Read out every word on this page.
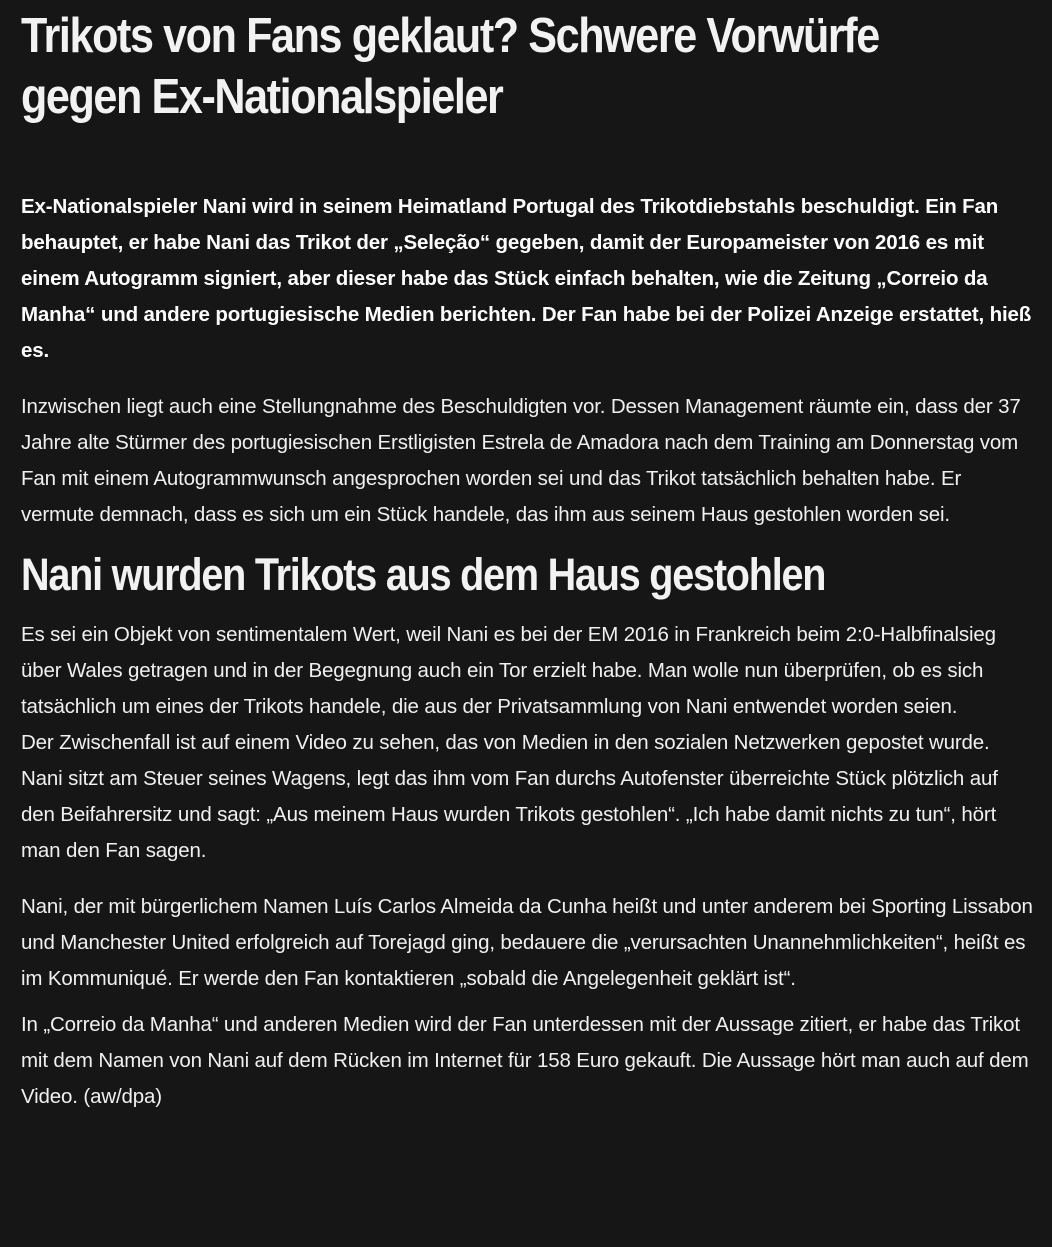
Trikots von Fans geklaut? Schwere Vorwürfe gegen Ex-Nationalspieler

Ex-Nationalspieler Nani wird in seinem Heimatland Portugal des Trikotdiebstahls beschuldigt. Ein Fan behauptet, er habe Nani das Trikot der „Seleção“ gegeben, damit der Europameister von 2016 es mit einem Autogramm signiert, aber dieser habe das Stück einfach behalten, wie die Zeitung „Correio da Manha“ und andere portugiesische Medien berichten. Der Fan habe bei der Polizei Anzeige erstattet, hieß es.

Inzwischen liegt auch eine Stellungnahme des Beschuldigten vor. Dessen Management räumte ein, dass der 37 Jahre alte Stürmer des portugiesischen Erstligisten Estrela de Amadora nach dem Training am Donnerstag vom Fan mit einem Autogrammwunsch angesprochen worden sei und das Trikot tatsächlich behalten habe. Er vermute demnach, dass es sich um ein Stück handele, das ihm aus seinem Haus gestohlen worden sei.

Nani wurden Trikots aus dem Haus gestohlen

Es sei ein Objekt von sentimentalem Wert, weil Nani es bei der EM 2016 in Frankreich beim 2:0-Halbfinalsieg über Wales getragen und in der Begegnung auch ein Tor erzielt habe. Man wolle nun überprüfen, ob es sich tatsächlich um eines der Trikots handele, die aus der Privatsammlung von Nani entwendet worden seien.

Der Zwischenfall ist auf einem Video zu sehen, das von Medien in den sozialen Netzwerken gepostet wurde. Nani sitzt am Steuer seines Wagens, legt das ihm vom Fan durchs Autofenster überreichte Stück plötzlich auf den Beifahrersitz und sagt: „Aus meinem Haus wurden Trikots gestohlen“. „Ich habe damit nichts zu tun“, hört man den Fan sagen.

Nani, der mit bürgerlichem Namen Luís Carlos Almeida da Cunha heißt und unter anderem bei Sporting Lissabon und Manchester United erfolgreich auf Torejagd ging, bedauere die „verursachten Unannehmlichkeiten“, heißt es im Kommuniqué. Er werde den Fan kontaktieren „sobald die Angelegenheit geklärt ist“.

In „Correio da Manha“ und anderen Medien wird der Fan unterdessen mit der Aussage zitiert, er habe das Trikot mit dem Namen von Nani auf dem Rücken im Internet für 158 Euro gekauft. Die Aussage hört man auch auf dem Video. (aw/dpa)
